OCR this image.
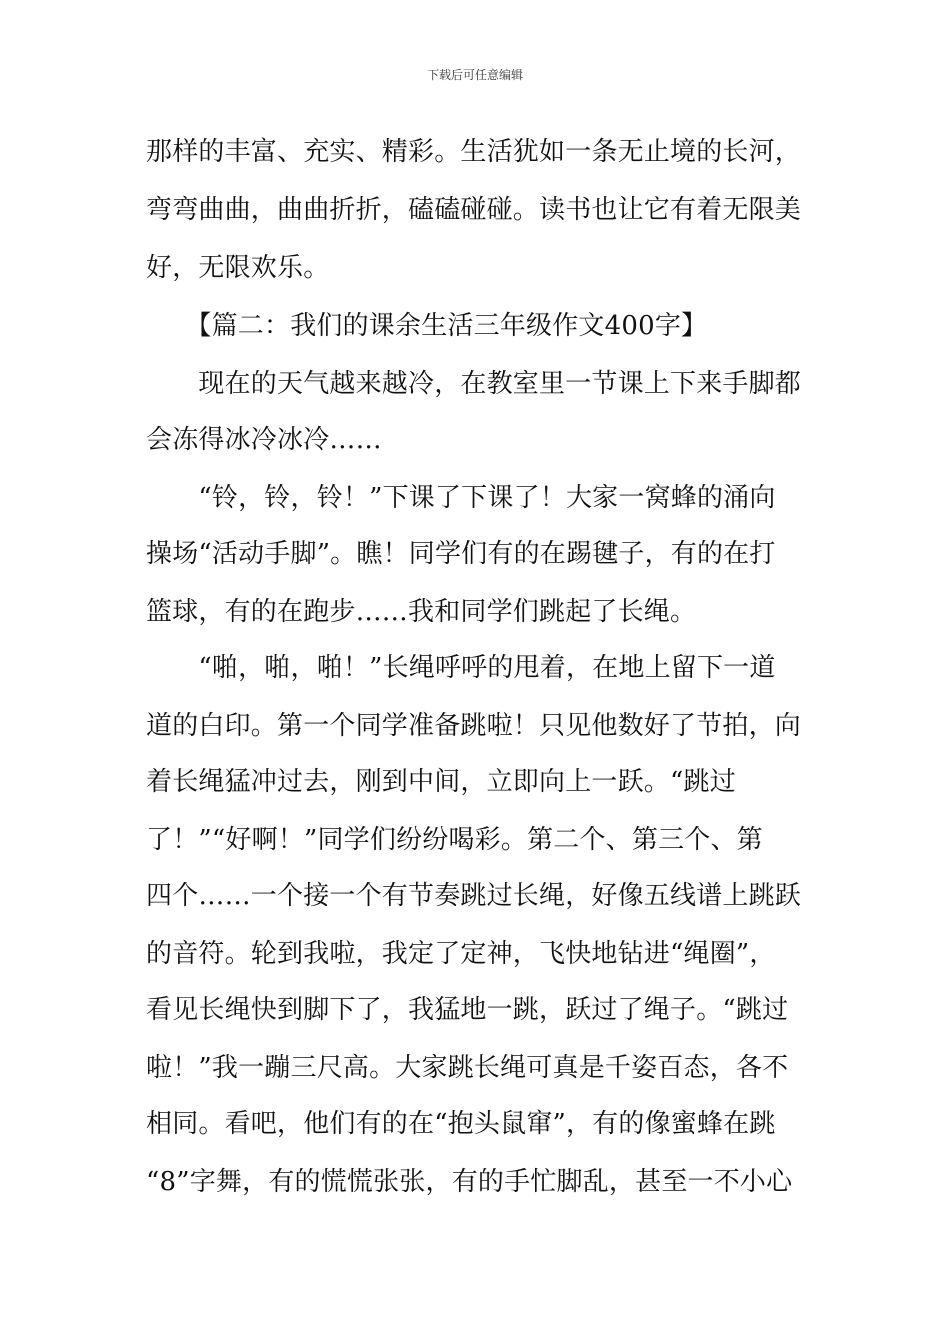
下载后可任意编辑
那样的丰富、充实、精彩。生活犹如一条无止境的长河，
弯弯曲曲，曲曲折折，磕磕碰碰。读书也让它有着无限美
好，无限欢乐。
　　【篇二：我们的课余生活三年级作文400字】
　　现在的天气越来越冷，在教室里一节课上下来手脚都
会冻得冰冷冰冷……
　　“铃，铃，铃！”下课了下课了！大家一窝蜂的涌向
操场“活动手脚”。瞧！同学们有的在踢毽子，有的在打
篮球，有的在跑步……我和同学们跳起了长绳。
　　“啪，啪，啪！”长绳呼呼的甩着，在地上留下一道
道的白印。第一个同学准备跳啦！只见他数好了节拍，向
着长绳猛冲过去，刚到中间，立即向上一跃。“跳过
了！”“好啊！”同学们纷纷喝彩。第二个、第三个、第
四个……一个接一个有节奏跳过长绳，好像五线谱上跳跃
的音符。轮到我啦，我定了定神，飞快地钻进“绳圈”，
看见长绳快到脚下了，我猛地一跳，跃过了绳子。“跳过
啦！”我一蹦三尺高。大家跳长绳可真是千姿百态，各不
相同。看吧，他们有的在“抱头鼠窜”，有的像蜜蜂在跳
“8”字舞，有的慌慌张张，有的手忙脚乱，甚至一不小心
